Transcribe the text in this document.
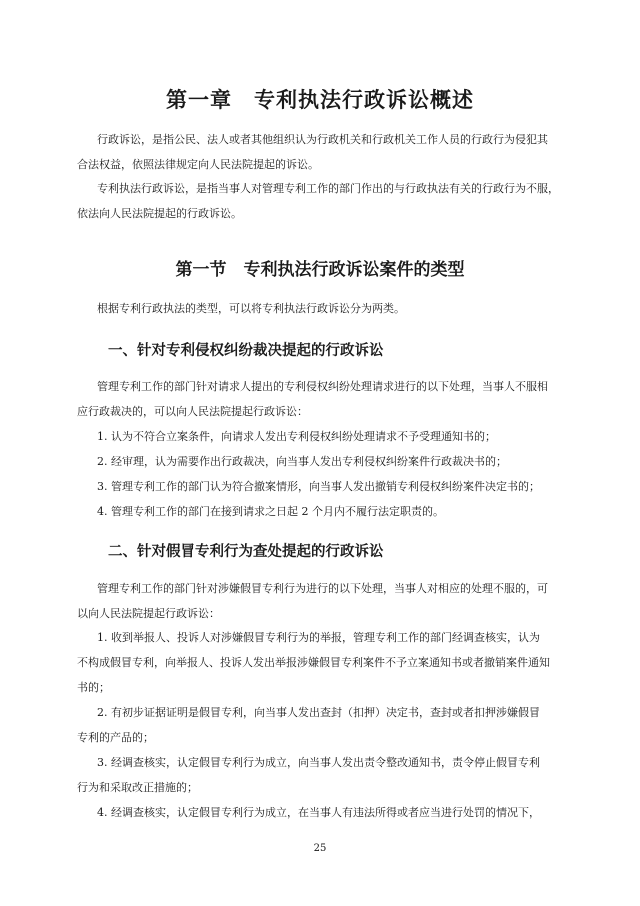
第一章　专利执法行政诉讼概述
行政诉讼，是指公民、法人或者其他组织认为行政机关和行政机关工作人员的行政行为侵犯其
合法权益，依照法律规定向人民法院提起的诉讼。
专利执法行政诉讼，是指当事人对管理专利工作的部门作出的与行政执法有关的行政行为不服，
依法向人民法院提起的行政诉讼。
第一节　专利执法行政诉讼案件的类型
根据专利行政执法的类型，可以将专利执法行政诉讼分为两类。
一、针对专利侵权纠纷裁决提起的行政诉讼
管理专利工作的部门针对请求人提出的专利侵权纠纷处理请求进行的以下处理，当事人不服相
应行政裁决的，可以向人民法院提起行政诉讼：
1. 认为不符合立案条件，向请求人发出专利侵权纠纷处理请求不予受理通知书的；
2. 经审理，认为需要作出行政裁决，向当事人发出专利侵权纠纷案件行政裁决书的；
3. 管理专利工作的部门认为符合撤案情形，向当事人发出撤销专利侵权纠纷案件决定书的；
4. 管理专利工作的部门在接到请求之日起 2 个月内不履行法定职责的。
二、针对假冒专利行为查处提起的行政诉讼
管理专利工作的部门针对涉嫌假冒专利行为进行的以下处理，当事人对相应的处理不服的，可
以向人民法院提起行政诉讼：
1. 收到举报人、投诉人对涉嫌假冒专利行为的举报，管理专利工作的部门经调查核实，认为
不构成假冒专利，向举报人、投诉人发出举报涉嫌假冒专利案件不予立案通知书或者撤销案件通知
书的；
2. 有初步证据证明是假冒专利，向当事人发出查封（扣押）决定书，查封或者扣押涉嫌假冒
专利的产品的；
3. 经调查核实，认定假冒专利行为成立，向当事人发出责令整改通知书，责令停止假冒专利
行为和采取改正措施的；
4. 经调查核实，认定假冒专利行为成立，在当事人有违法所得或者应当进行处罚的情况下，
25
